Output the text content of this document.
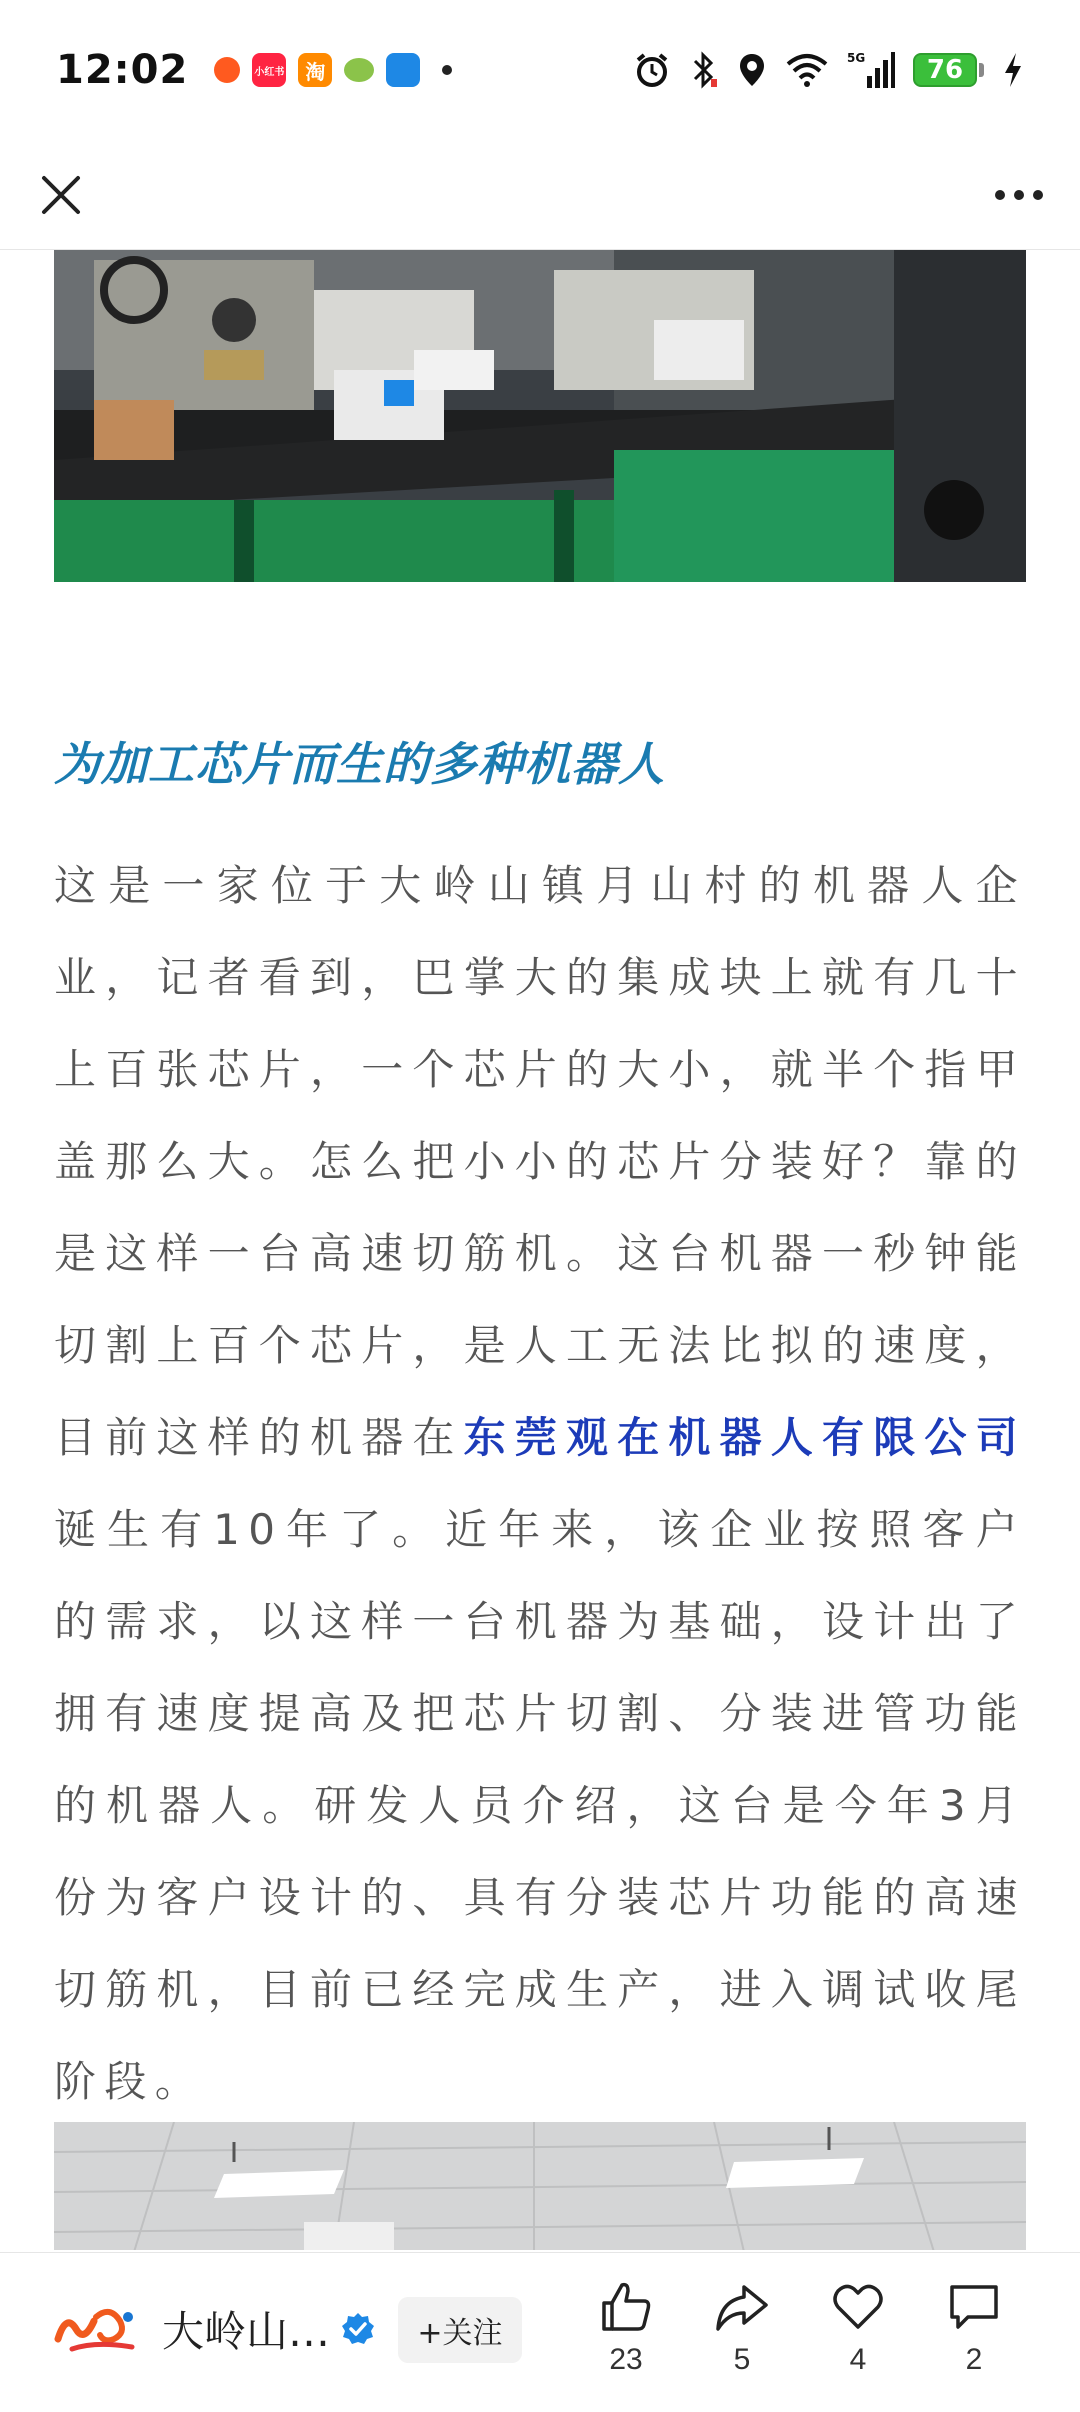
12:02	小红书	淘
5G	76
为加工芯片而生的多种机器人

这是一家位于大岭山镇月山村的机器人企业，记者看到，巴掌大的集成块上就有几十上百张芯片，一个芯片的大小，就半个指甲盖那么大。怎么把小小的芯片分装好？靠的是这样一台高速切筋机。这台机器一秒钟能切割上百个芯片，是人工无法比拟的速度，目前这样的机器在东莞观在机器人有限公司诞生有10年了。近年来，该企业按照客户的需求，以这样一台机器为基础，设计出了拥有速度提高及把芯片切割、分装进管功能的机器人。研发人员介绍，这台是今年3月份为客户设计的、具有分装芯片功能的高速切筋机，目前已经完成生产，进入调试收尾阶段。

大岭山…	+关注
23	5	4	2
